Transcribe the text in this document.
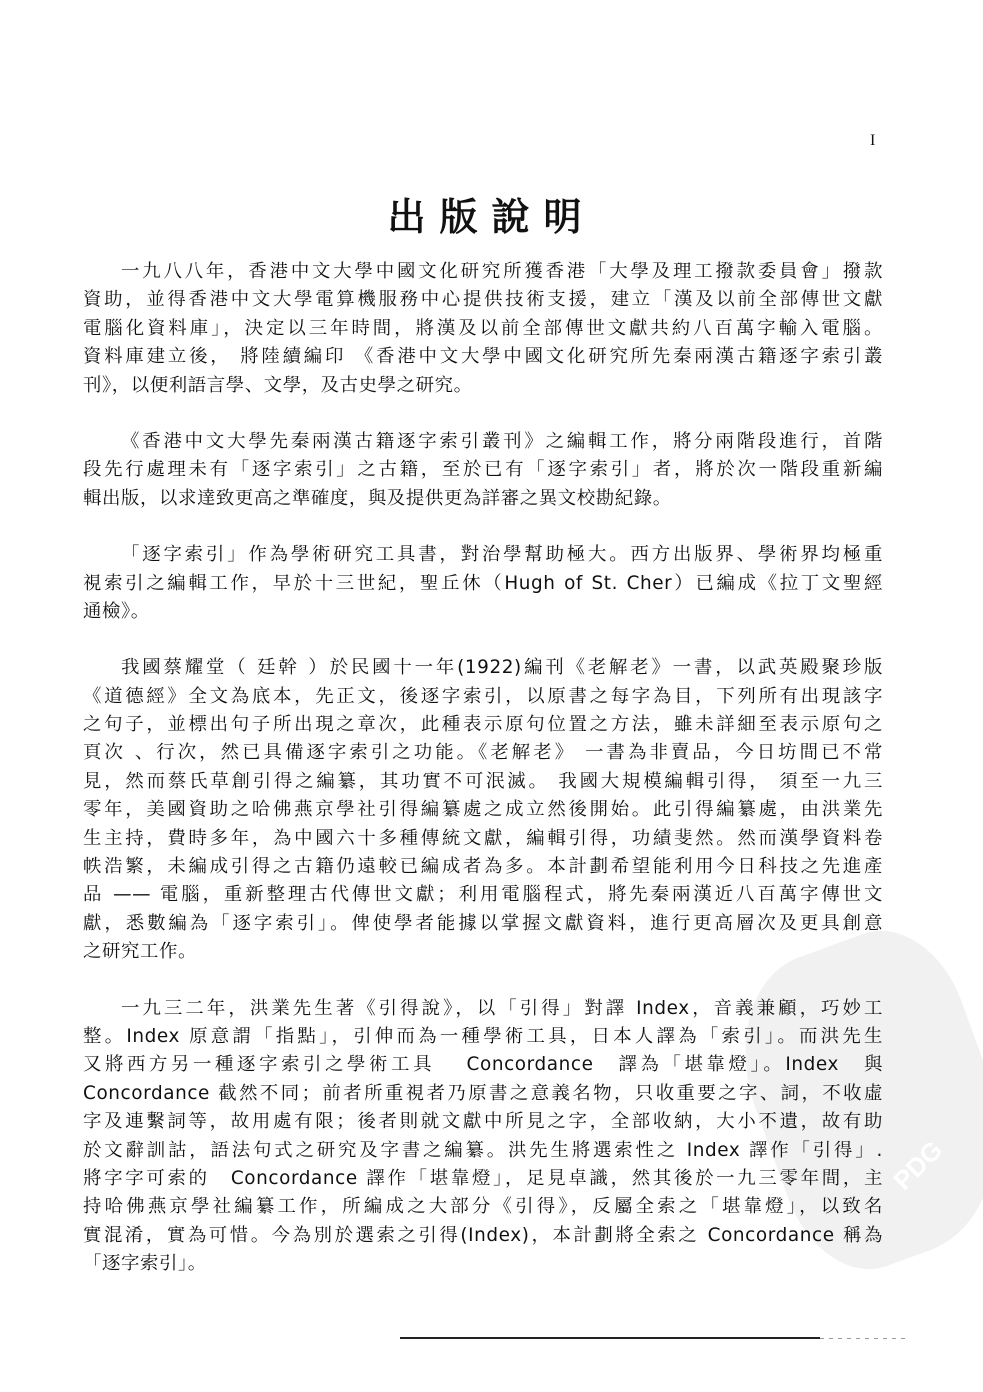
PDG
I
出版說明
一九八八年，香港中文大學中國文化研究所獲香港「大學及理工撥款委員會」撥款
資助，並得香港中文大學電算機服務中心提供技術支援，建立「漢及以前全部傳世文獻
電腦化資料庫」，決定以三年時間，將漢及以前全部傳世文獻共約八百萬字輸入電腦。
資料庫建立後， 將陸續編印 《香港中文大學中國文化研究所先秦兩漢古籍逐字索引叢
刊》，以便利語言學、文學，及古史學之研究。
《香港中文大學先秦兩漢古籍逐字索引叢刊》之編輯工作，將分兩階段進行，首階
段先行處理未有「逐字索引」之古籍，至於已有「逐字索引」者，將於次一階段重新編
輯出版，以求達致更高之準確度，與及提供更為詳審之異文校勘紀錄。
「逐字索引」作為學術研究工具書，對治學幫助極大。西方出版界、學術界均極重
視索引之編輯工作，早於十三世紀，聖丘休（Hugh of St. Cher）已編成《拉丁文聖經
通檢》。
我國蔡耀堂（ 廷幹 ）於民國十一年(1922)編刊《老解老》一書，以武英殿聚珍版
《道德經》全文為底本，先正文，後逐字索引，以原書之每字為目，下列所有出現該字
之句子，並標出句子所出現之章次，此種表示原句位置之方法，雖未詳細至表示原句之
頁次 、行次，然已具備逐字索引之功能。《老解老》 一書為非賣品，今日坊間已不常
見，然而蔡氏草創引得之編纂，其功實不可泯滅。 我國大規模編輯引得， 須至一九三
零年，美國資助之哈佛燕京學社引得編纂處之成立然後開始。此引得編纂處，由洪業先
生主持，費時多年，為中國六十多種傳統文獻，編輯引得，功績斐然。然而漢學資料卷
帙浩繁，未編成引得之古籍仍遠較已編成者為多。本計劃希望能利用今日科技之先進產
品 —— 電腦，重新整理古代傳世文獻；利用電腦程式，將先秦兩漢近八百萬字傳世文
獻，悉數編為「逐字索引」。俾使學者能據以掌握文獻資料，進行更高層次及更具創意
之研究工作。
一九三二年，洪業先生著《引得說》，以「引得」對譯 Index，音義兼顧，巧妙工
整。Index 原意謂「指點」，引伸而為一種學術工具，日本人譯為「索引」。而洪先生
又將西方另一種逐字索引之學術工具　 Concordance　譯為「堪靠燈」。Index　與
Concordance 截然不同；前者所重視者乃原書之意義名物，只收重要之字、詞，不收虛
字及連繫詞等，故用處有限；後者則就文獻中所見之字，全部收納，大小不遺，故有助
於文辭訓詁，語法句式之研究及字書之編纂。洪先生將選索性之 Index 譯作「引得」.
將字字可索的　Concordance 譯作「堪靠燈」，足見卓識，然其後於一九三零年間，主
持哈佛燕京學社編纂工作，所編成之大部分《引得》，反屬全索之「堪靠燈」，以致名
實混淆，實為可惜。今為別於選索之引得(Index)，本計劃將全索之 Concordance 稱為
「逐字索引」。
